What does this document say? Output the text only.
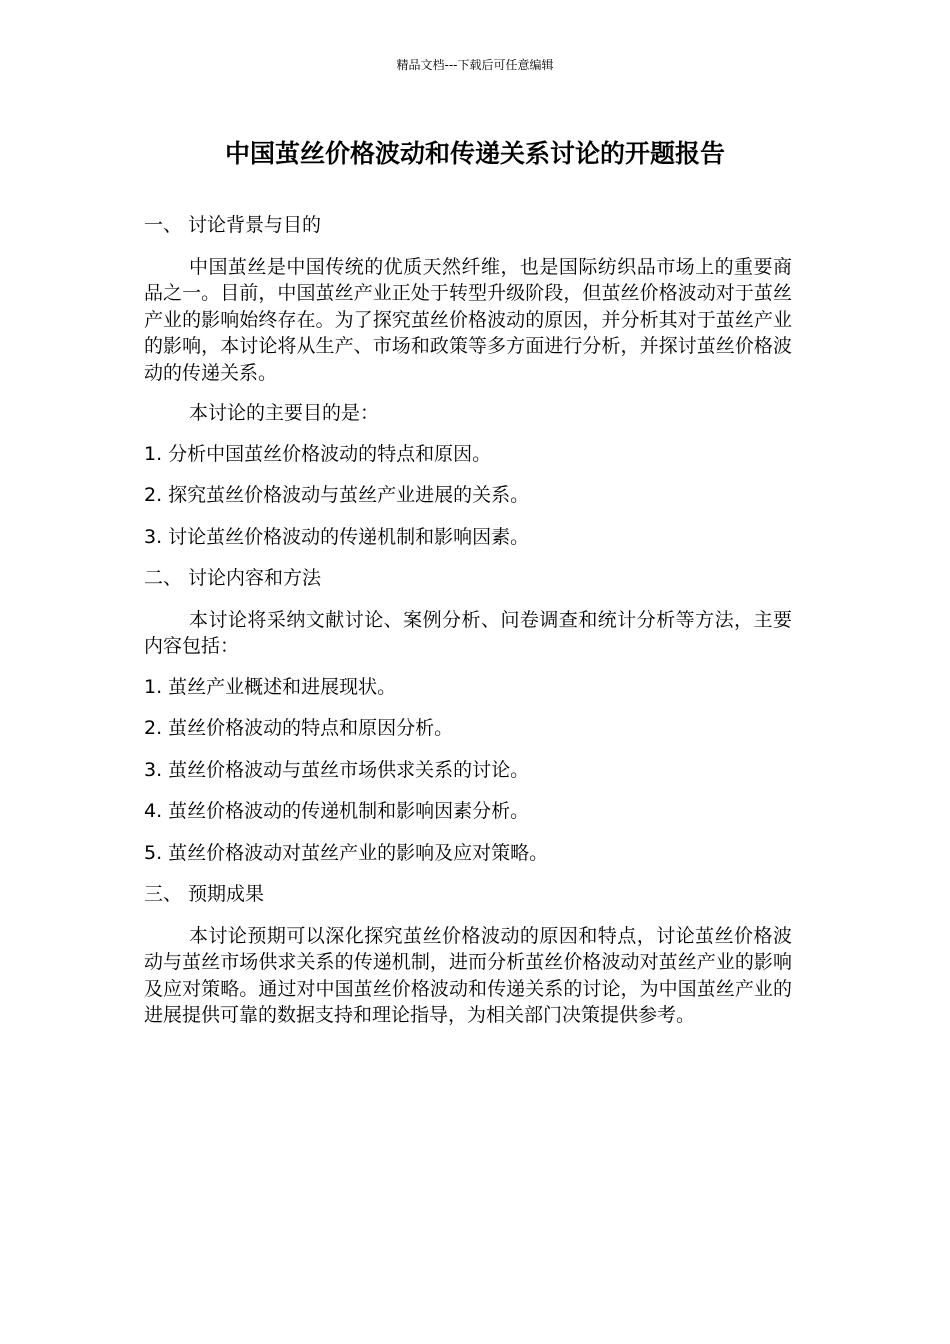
精品文档---下载后可任意编辑
中国茧丝价格波动和传递关系讨论的开题报告

一、 讨论背景与目的

中国茧丝是中国传统的优质天然纤维，也是国际纺织品市场上的重要商品之一。目前，中国茧丝产业正处于转型升级阶段，但茧丝价格波动对于茧丝产业的影响始终存在。为了探究茧丝价格波动的原因，并分析其对于茧丝产业的影响，本讨论将从生产、市场和政策等多方面进行分析，并探讨茧丝价格波动的传递关系。

本讨论的主要目的是：

1. 分析中国茧丝价格波动的特点和原因。

2. 探究茧丝价格波动与茧丝产业进展的关系。

3. 讨论茧丝价格波动的传递机制和影响因素。

二、 讨论内容和方法

本讨论将采纳文献讨论、案例分析、问卷调查和统计分析等方法，主要内容包括：

1. 茧丝产业概述和进展现状。

2. 茧丝价格波动的特点和原因分析。

3. 茧丝价格波动与茧丝市场供求关系的讨论。

4. 茧丝价格波动的传递机制和影响因素分析。

5. 茧丝价格波动对茧丝产业的影响及应对策略。

三、 预期成果

本讨论预期可以深化探究茧丝价格波动的原因和特点，讨论茧丝价格波动与茧丝市场供求关系的传递机制，进而分析茧丝价格波动对茧丝产业的影响及应对策略。通过对中国茧丝价格波动和传递关系的讨论，为中国茧丝产业的进展提供可靠的数据支持和理论指导，为相关部门决策提供参考。
